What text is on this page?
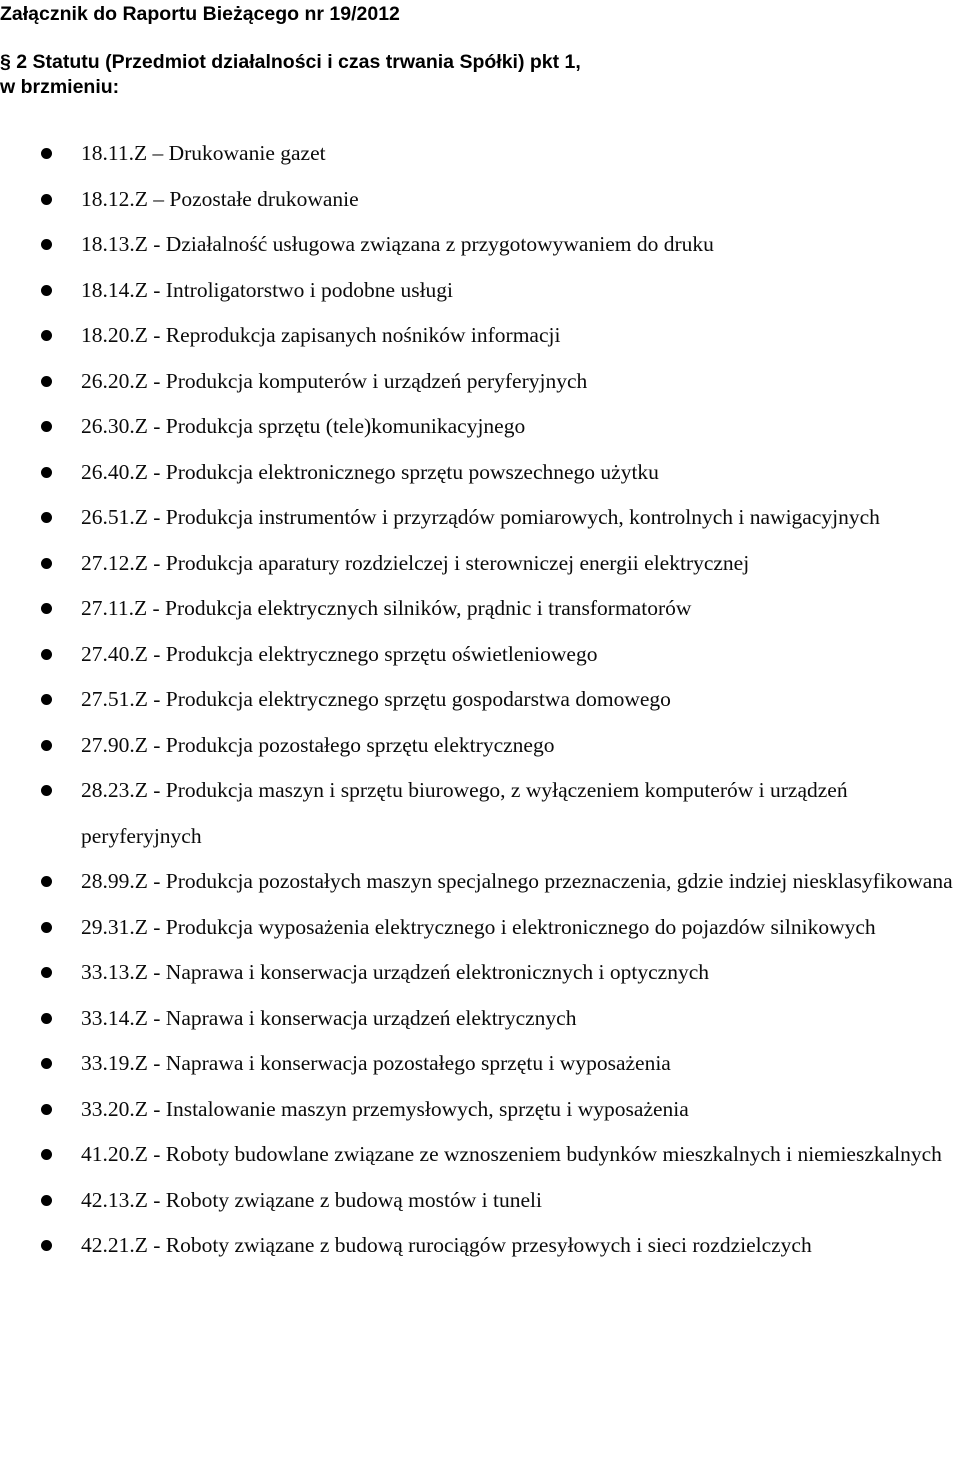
Załącznik do Raportu Bieżącego nr 19/2012
§ 2 Statutu (Przedmiot działalności i czas trwania Spółki) pkt 1,
w brzmieniu:
18.11.Z – Drukowanie gazet
18.12.Z – Pozostałe drukowanie
18.13.Z - Działalność usługowa związana z przygotowywaniem do druku
18.14.Z - Introligatorstwo i podobne usługi
18.20.Z - Reprodukcja zapisanych nośników informacji
26.20.Z - Produkcja komputerów i urządzeń peryferyjnych
26.30.Z - Produkcja sprzętu (tele)komunikacyjnego
26.40.Z - Produkcja elektronicznego sprzętu powszechnego użytku
26.51.Z - Produkcja instrumentów i przyrządów pomiarowych, kontrolnych i nawigacyjnych
27.12.Z - Produkcja aparatury rozdzielczej i sterowniczej energii elektrycznej
27.11.Z - Produkcja elektrycznych silników, prądnic i transformatorów
27.40.Z - Produkcja elektrycznego sprzętu oświetleniowego
27.51.Z - Produkcja elektrycznego sprzętu gospodarstwa domowego
27.90.Z - Produkcja pozostałego sprzętu elektrycznego
28.23.Z - Produkcja maszyn i sprzętu biurowego, z wyłączeniem komputerów i urządzeń peryferyjnych
28.99.Z - Produkcja pozostałych maszyn specjalnego przeznaczenia, gdzie indziej niesklasyfikowana
29.31.Z - Produkcja wyposażenia elektrycznego i elektronicznego do pojazdów silnikowych
33.13.Z - Naprawa i konserwacja urządzeń elektronicznych i optycznych
33.14.Z - Naprawa i konserwacja urządzeń elektrycznych
33.19.Z - Naprawa i konserwacja pozostałego sprzętu i wyposażenia
33.20.Z - Instalowanie maszyn przemysłowych, sprzętu i wyposażenia
41.20.Z - Roboty budowlane związane ze wznoszeniem budynków mieszkalnych i niemieszkalnych
42.13.Z - Roboty związane z budową mostów i tuneli
42.21.Z - Roboty związane z budową rurociągów przesyłowych i sieci rozdzielczych
